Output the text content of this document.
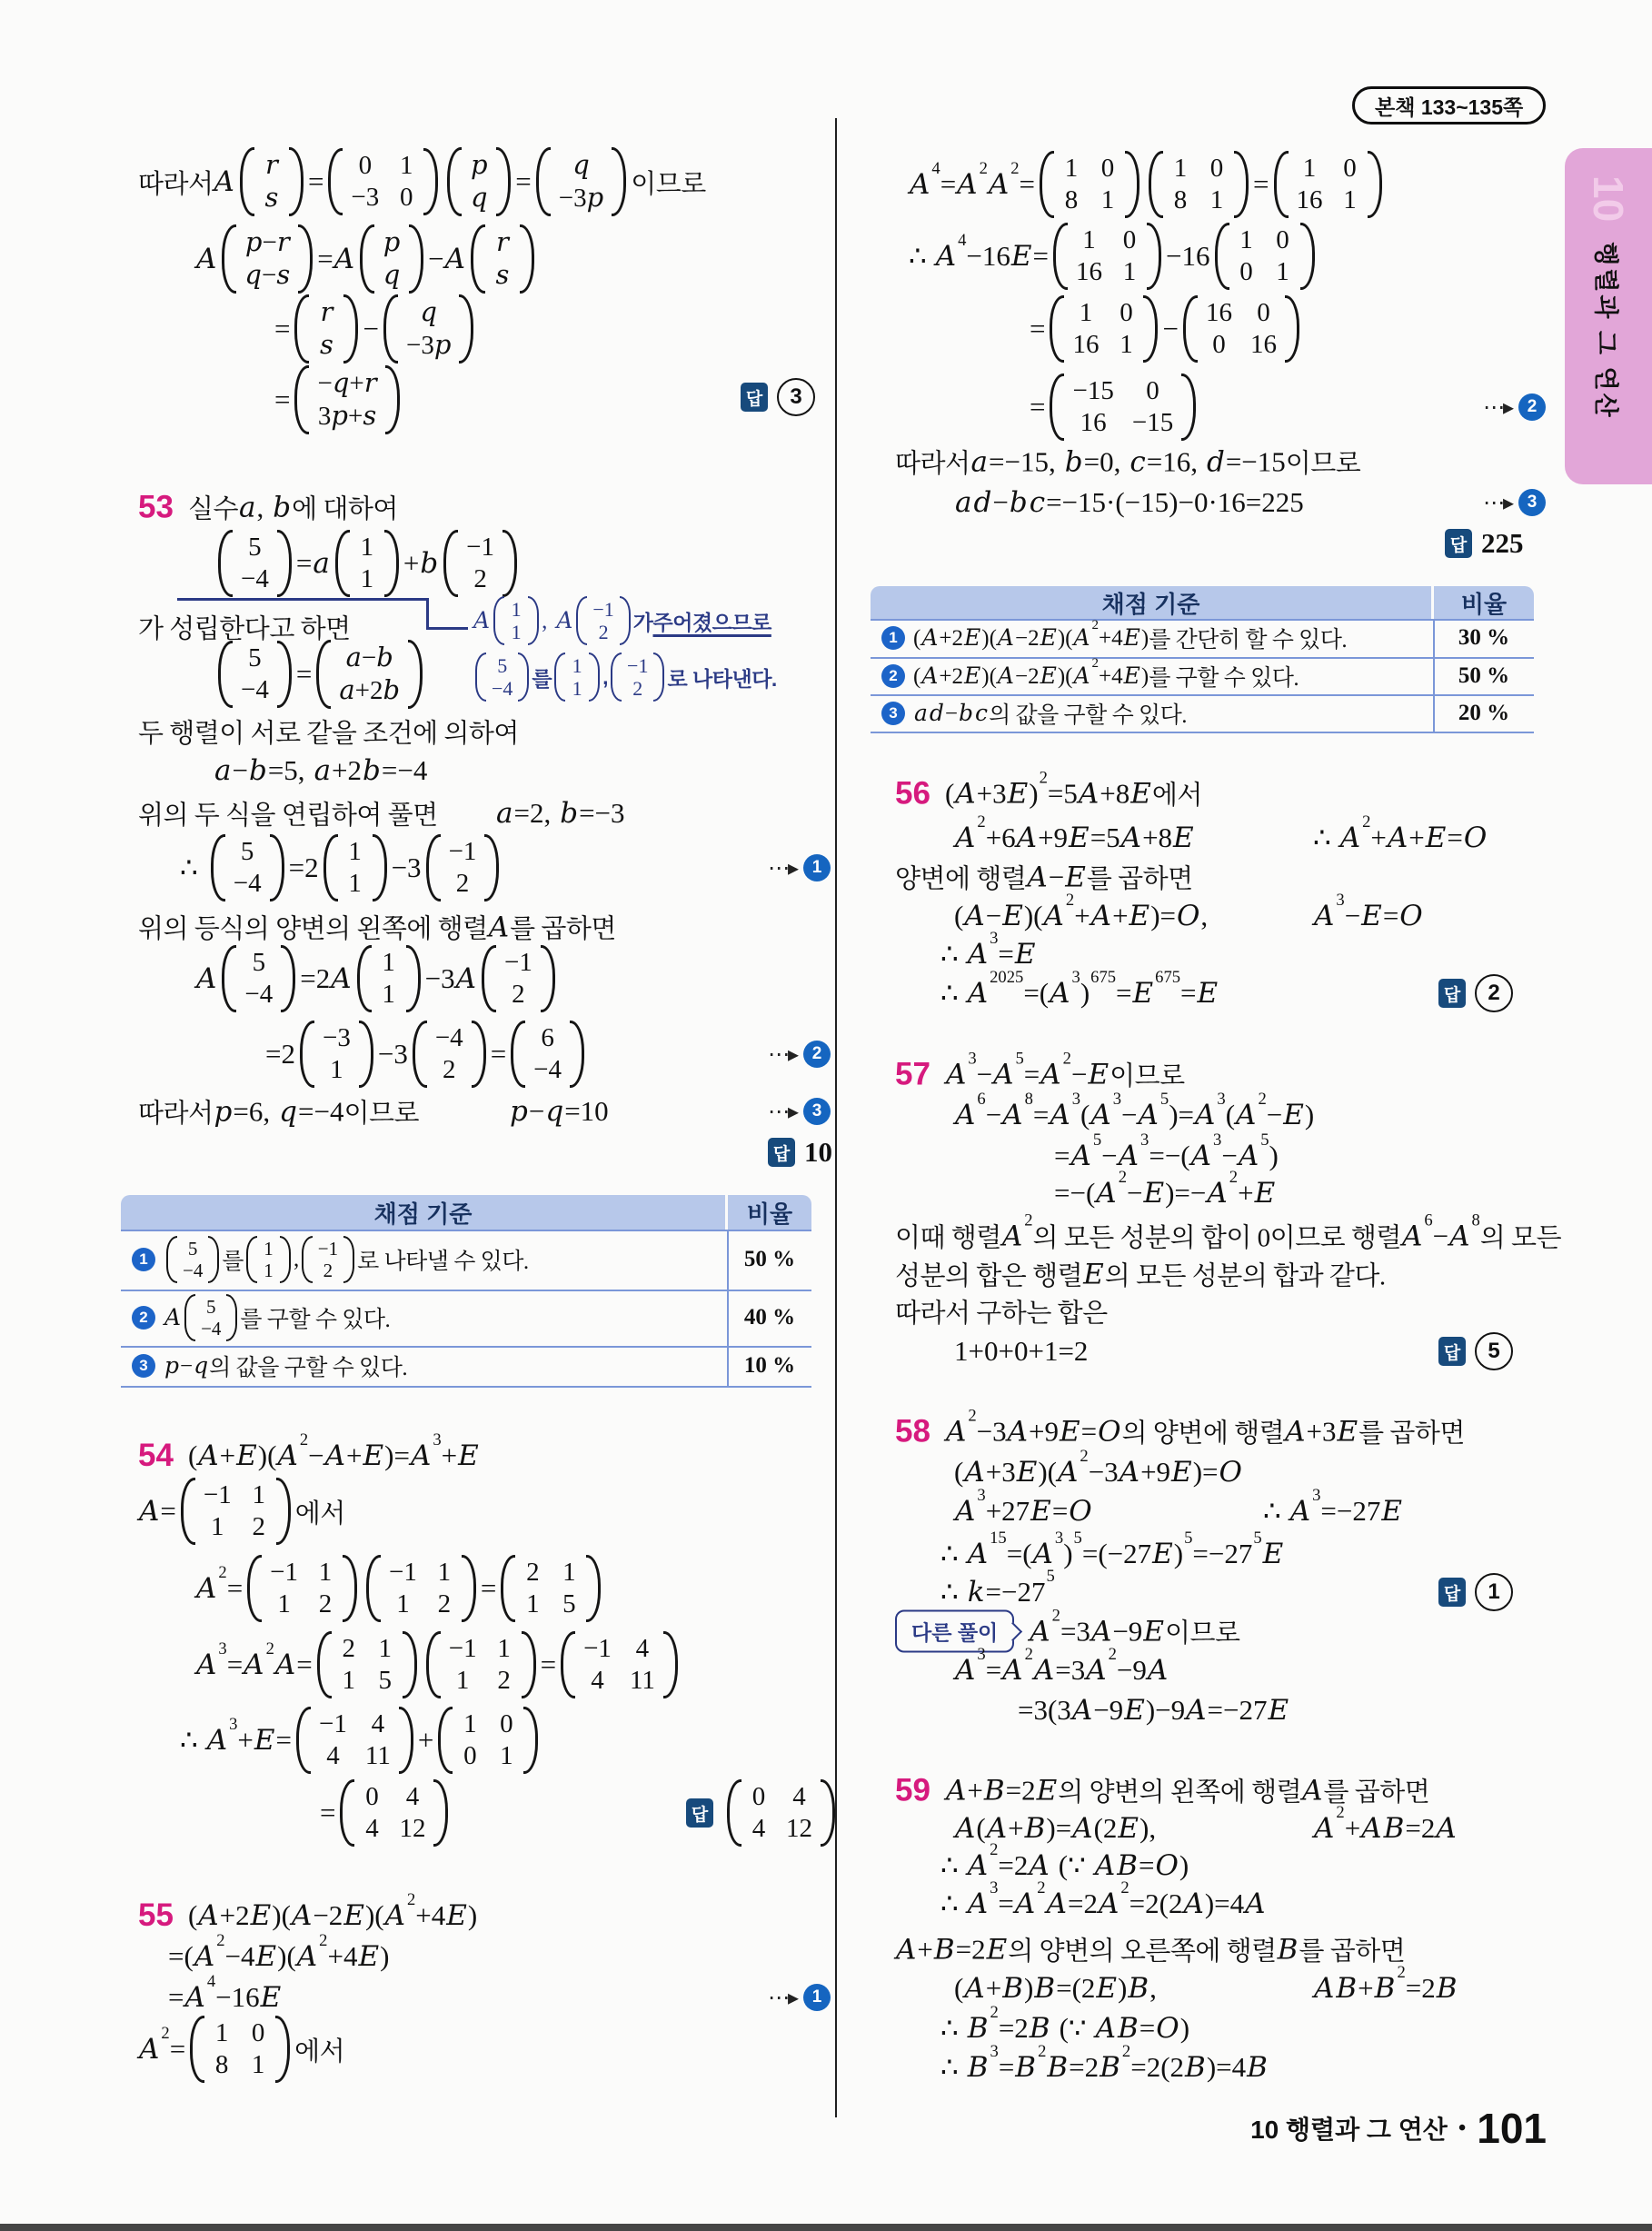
본책 133~135쪽
10
행렬과 그 연산
10 행렬과 그 연산 • 101
따라서 A
r
s = 0 1
−3 0
p
q =
q
−3p 이므로
A
p−r
q−s =A
p
q −A
r
s
=
r
s −
q
−3p
= −q+r
3p+s
답	3
53 실수 a, b 에 대하여
5
−4 =a 1
1 +b −1
2
가 성립한다고 하면	A 1
1 , A −1
2 가 주어졌으므로
5
−4 =
a−b
a+2b
5
−4 를
1
1 , −1
2 로 나타낸다.
두 행렬이 서로 같을 조건에 의하여
a−b=5, a+2b=−4
위의 두 식을 연립하여 풀면 a=2, b=−3
∴	5
−4 =2 1
1 −3 −1
2
⋯▸ 1
위의 등식의 양변의 왼쪽에 행렬 A 를 곱하면
A 5
−4 =2A 1
1 −3A −1
2
=2 −3
1 −3 −4
2 = 6
−4
⋯▸ 2
따라서 p=6, q=−4 이므로	p−q=10	⋯▸ 3
답 10
54 (A+E)(A $^2$−A+E)=A $^3$+E
A= −1 1
1 2 에서
A $^2$= −1 1
1 2
−1 1
1 2 = 2 1
1 5
A $^3$=A $^2$A= 2 1
1 5
−1 1
1 2 = −1 4
4 11
∴ A $^3$+E= −1 4
4 11 + 1 0
0 1
= 0 4
4 12	답
0 4
4 12
55 (A+2E)(A−2E)(A $^2$+4E)
=(A $^2$−4E)(A $^2$+4E)
=A $^4$−16E	⋯▸ 1
A $^2$= 1 0
8 1 에서
A $^4$=A $^2$A $^2$= 1 0
8 1
1 0
8 1 = 1 0
16 1
∴ A $^4$−16E= 1 0
16 1 −16 1 0
0 1
= 1 0
16 1 − 16 0
0 16
= −15	0
16 −15
⋯▸ 2
따라서 a=−15, b=0, c=16, d=−15 이므로
ad−bc=−15·(−15)−0·16=225	⋯▸ 3
답 225
56 $(A+3E)^2=5A+8E$ 에서
A $^2$+6A+9E=5A+8E	∴ A $^2$+A+E=O
양변에 행렬 A−E 를 곱하면
(A−E)(A $^2$+A+E)=O,	A $^3$−E=O
∴ A $^3$=E
∴ A $^{2025}$=(A $^3$)$^{675}$=E $^{675}$=E	답	2
57 A $^3$−A $^5$=A $^2$−E 이므로
A $^6$−A $^8$=A $^3$(A $^3$−A $^5$)=A $^3$(A $^2$−E)
=A $^5$−A $^3$=−(A $^3$−A $^5$)
=−(A $^2$−E)=−A $^2$+E
이때 행렬 A $^2$
의 모든 성분의 합이 0이므로 행렬 A $^6$−A $^8$
의 모든
성분의 합은 행렬 E 의 모든 성분의 합과 같다.
따라서 구하는 합은
1+0+0+1=2	답	5
58 A $^2$−3A+9E=O 의 양변에 행렬 A+3E 를 곱하면
(A+3E)(A $^2$−3A+9E)=O
A $^3$+27E=O	∴ A $^3$=−27E
∴ A $^{15}$=(A $^3)^5=(-27E)^5=-27^5E$
∴ $k=-27^5$
답	1
다른 풀이	A $^2$=3A−9E 이므로
A $^3$=A $^2$A=3A $^2$−9A
=3(3A−9E)−9A=−27E
59 A+B=2E 의 양변의 왼쪽에 행렬 A 를 곱하면
A(A+B)=A(2E),	A $^2$+AB=2A
∴ A $^2$=2A (∵ AB=O)
∴ A $^3$=A $^2$A=2A $^2$=2(2A)=4A
A+B=2E 의 양변의 오른쪽에 행렬 B 를 곱하면
(A+B)B=(2E)B,	AB+B $^2$=2B
∴ B $^2$=2B (∵ AB=O)
∴ B $^3$=B $^2$B=2B $^2$=2(2B)=4B
채점 기준	비율
1	5
−4 를
1
1 , −1
2 로 나타낼 수 있다.	50 %
2 A 5
−4 를 구할 수 있다.	40 %
3 p−q 의 값을 구할 수 있다.	10 %
채점 기준	비율
1 (A+2E)(A−2E)(A $^2$+4E) 를 간단히 할 수 있다.	30 %
2 (A+2E)(A−2E)(A $^2$+4E) 를 구할 수 있다.	50 %
3 ad−bc 의 값을 구할 수 있다.	20 %
